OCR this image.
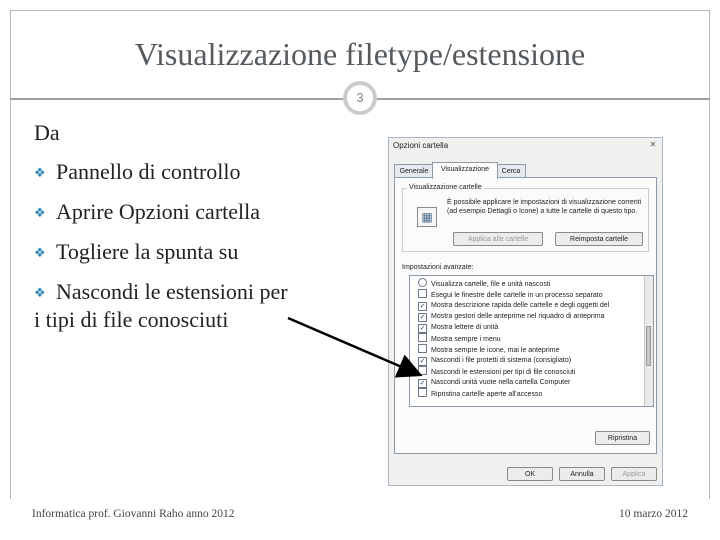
Visualizzazione filetype/estensione
3
Da
❖ Pannello di controllo
❖ Aprire Opzioni cartella
❖ Togliere la spunta su
❖ Nascondi le estensioni per
i tipi di file conosciuti
Opzioni cartella	✕
Generale	Visualizzazione	Cerca
Visualizzazione cartelle
▦
È possibile applicare le impostazioni di visualizzazione correnti (ad esempio Dettagli o Icone) a tutte le cartelle di questo tipo.
Applica alle cartelle	Reimposta cartelle
Impostazioni avanzate:
Visualizza cartelle, file e unità nascosti
Esegui le finestre delle cartelle in un processo separato
✓ Mostra descrizione rapida delle cartelle e degli oggetti del
✓ Mostra gestori delle anteprime nel riquadro di anteprima
✓ Mostra lettere di unità
Mostra sempre i menu
Mostra sempre le icone, mai le anteprime
✓ Nascondi i file protetti di sistema (consigliato)
Nascondi le estensioni per tipi di file conosciuti
✓ Nascondi unità vuote nella cartella Computer
Ripristina cartelle aperte all'accesso
Ripristina
OK	Annulla	Applica
Informatica prof. Giovanni Raho anno 2012	10 marzo 2012
